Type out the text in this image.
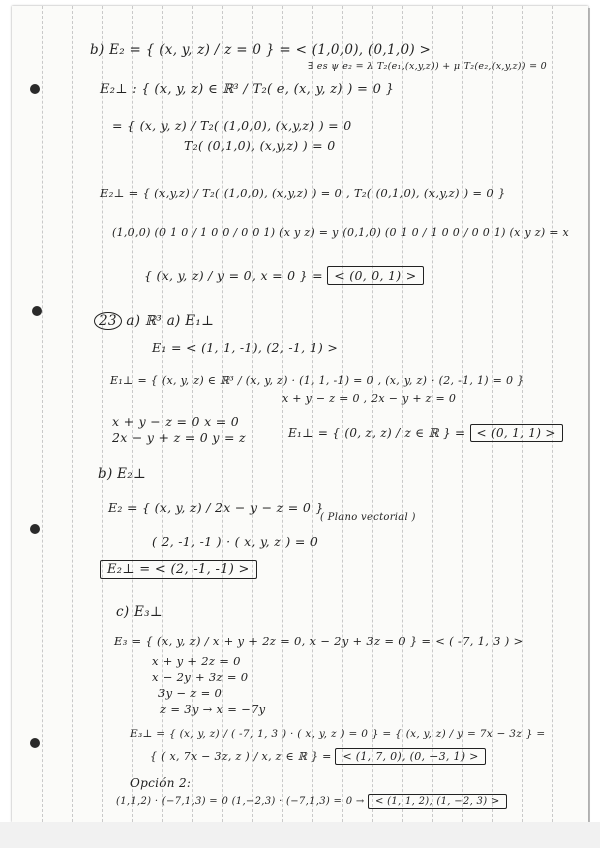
b) E₂ = { (x, y, z) / z = 0 } = < (1,0,0), (0,1,0) >
∃ es ψ e₂ = λ T₂(e₁,(x,y,z)) + μ T₂(e₂,(x,y,z)) = 0
E₂⊥ : { (x, y, z) ∈ ℝ³ / T₂( e, (x, y, z) ) = 0 }
= { (x, y, z) / T₂( (1,0,0), (x,y,z) ) = 0
T₂( (0,1,0), (x,y,z) ) = 0
E₂⊥ = { (x,y,z) / T₂( (1,0,0), (x,y,z) ) = 0 , T₂( (0,1,0), (x,y,z) ) = 0 }
(1,0,0) (0 1 0 / 1 0 0 / 0 0 1) (x y z) = y (0,1,0) (0 1 0 / 1 0 0 / 0 0 1) (x y z) = x
{ (x, y, z) / y = 0, x = 0 } = < (0, 0, 1) >
23 a) ℝ³ a) E₁⊥
E₁ = < (1, 1, -1), (2, -1, 1) >
E₁⊥ = { (x, y, z) ∈ ℝ³ / (x, y, z) · (1, 1, -1) = 0 , (x, y, z) · (2, -1, 1) = 0 }
x + y − z = 0 , 2x − y + z = 0
x + y − z = 0 x = 0
2x − y + z = 0 y = z	E₁⊥ = { (0, z, z) / z ∈ ℝ } = < (0, 1, 1) >
b) E₂⊥
E₂ = { (x, y, z) / 2x − y − z = 0 }
( Plano vectorial )
( 2, -1, -1 ) · ( x, y, z ) = 0
E₂⊥ = < (2, -1, -1) >
c) E₃⊥
E₃ = { (x, y, z) / x + y + 2z = 0, x − 2y + 3z = 0 } = < ( -7, 1, 3 ) >
x + y + 2z = 0
x − 2y + 3z = 0
3y − z = 0
z = 3y → x = −7y
E₃⊥ = { (x, y, z) / ( -7, 1, 3 ) · ( x, y, z ) = 0 } = { (x, y, z) / y = 7x − 3z } =
{ ( x, 7x − 3z, z ) / x, z ∈ ℝ } = < (1, 7, 0), (0, −3, 1) >
Opción 2:
(1,1,2) · (−7,1,3) = 0 (1,−2,3) · (−7,1,3) = 0 → < (1, 1, 2), (1, −2, 3) >
